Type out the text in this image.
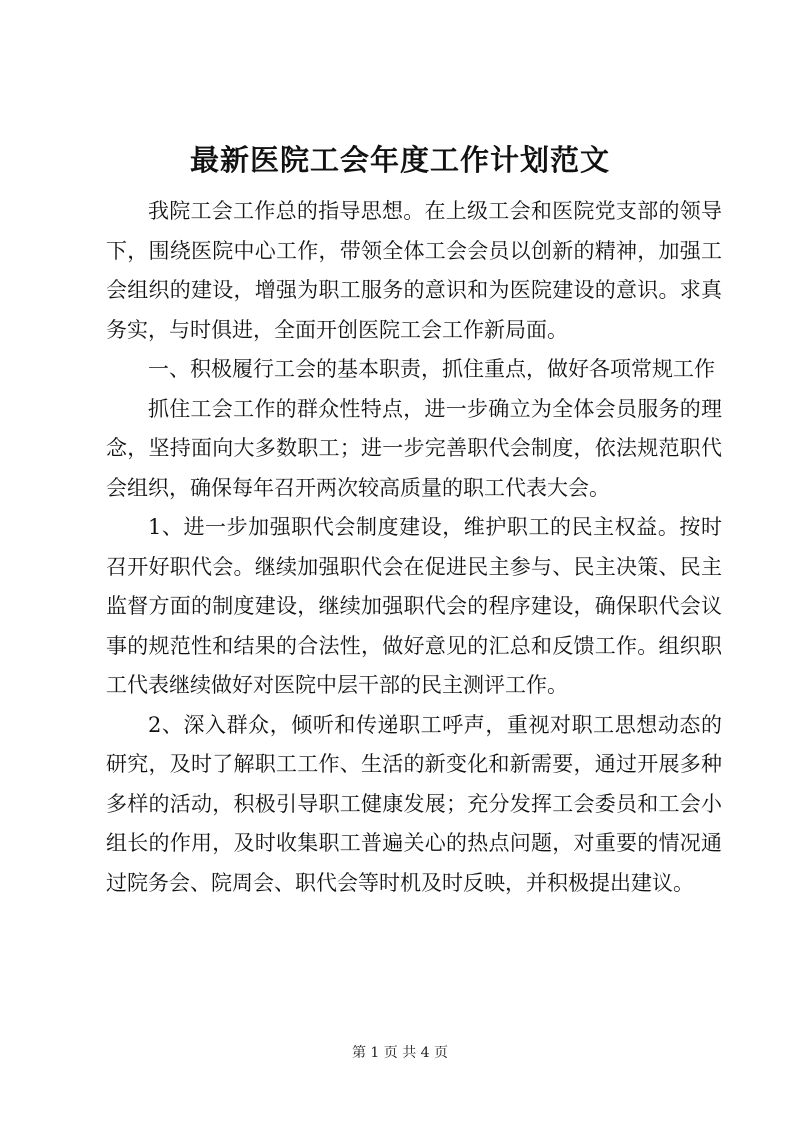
最新医院工会年度工作计划范文

我院工会工作总的指导思想。在上级工会和医院党支部的领导下，围绕医院中心工作，带领全体工会会员以创新的精神，加强工会组织的建设，增强为职工服务的意识和为医院建设的意识。求真务实，与时俱进，全面开创医院工会工作新局面。

一、积极履行工会的基本职责，抓住重点，做好各项常规工作

抓住工会工作的群众性特点，进一步确立为全体会员服务的理念，坚持面向大多数职工；进一步完善职代会制度，依法规范职代会组织，确保每年召开两次较高质量的职工代表大会。

1、进一步加强职代会制度建设，维护职工的民主权益。按时召开好职代会。继续加强职代会在促进民主参与、民主决策、民主监督方面的制度建设，继续加强职代会的程序建设，确保职代会议事的规范性和结果的合法性，做好意见的汇总和反馈工作。组织职工代表继续做好对医院中层干部的民主测评工作。

2、深入群众，倾听和传递职工呼声，重视对职工思想动态的研究，及时了解职工工作、生活的新变化和新需要，通过开展多种多样的活动，积极引导职工健康发展；充分发挥工会委员和工会小组长的作用，及时收集职工普遍关心的热点问题，对重要的情况通过院务会、院周会、职代会等时机及时反映，并积极提出建议。

第 1 页 共 4 页
